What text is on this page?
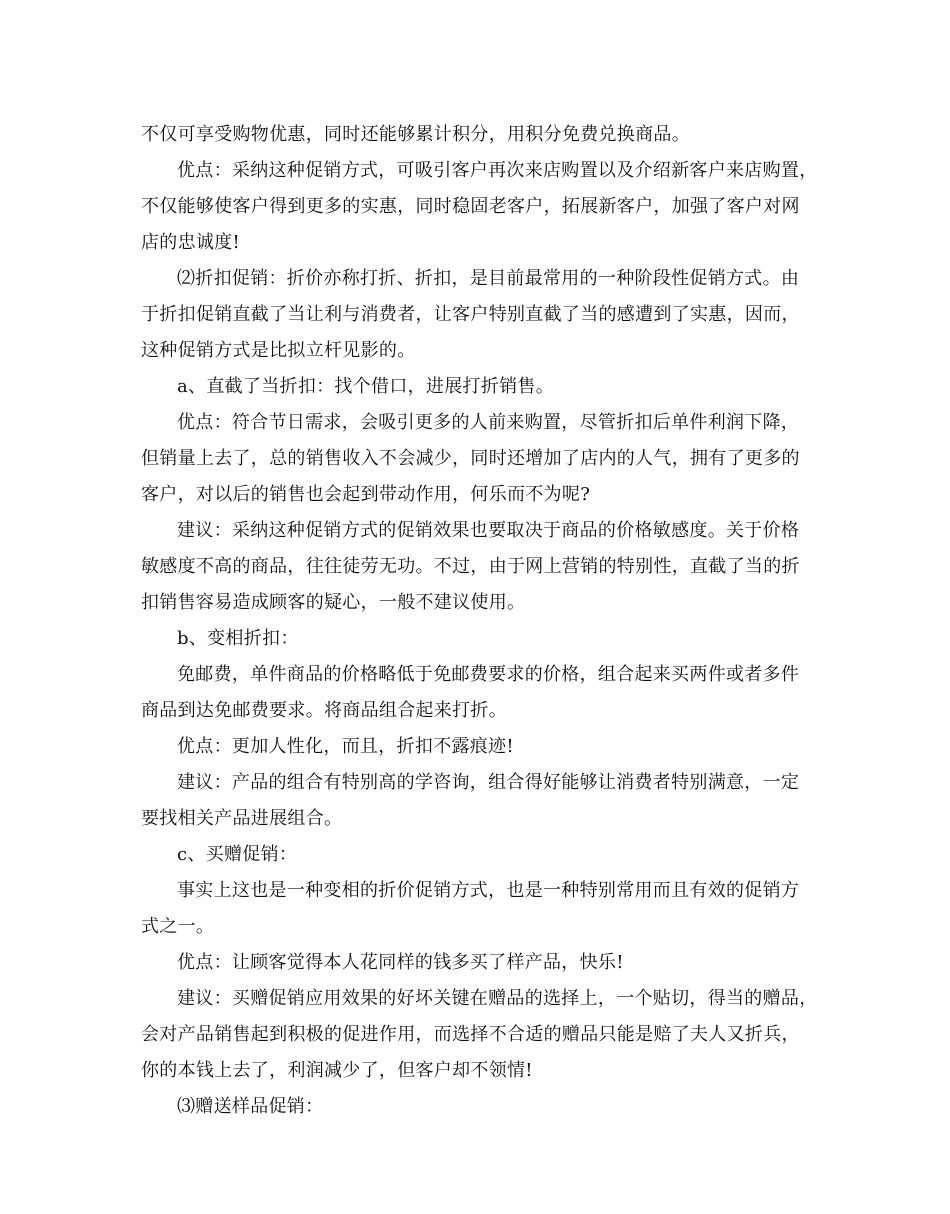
不仅可享受购物优惠，同时还能够累计积分，用积分免费兑换商品。
优点：采纳这种促销方式，可吸引客户再次来店购置以及介绍新客户来店购置，
不仅能够使客户得到更多的实惠，同时稳固老客户，拓展新客户，加强了客户对网
店的忠诚度!
⑵折扣促销：折价亦称打折、折扣，是目前最常用的一种阶段性促销方式。由
于折扣促销直截了当让利与消费者，让客户特别直截了当的感遭到了实惠，因而，
这种促销方式是比拟立杆见影的。
a、直截了当折扣：找个借口，进展打折销售。
优点：符合节日需求，会吸引更多的人前来购置，尽管折扣后单件利润下降，
但销量上去了，总的销售收入不会减少，同时还增加了店内的人气，拥有了更多的
客户，对以后的销售也会起到带动作用，何乐而不为呢?
建议：采纳这种促销方式的促销效果也要取决于商品的价格敏感度。关于价格
敏感度不高的商品，往往徒劳无功。不过，由于网上营销的特别性，直截了当的折
扣销售容易造成顾客的疑心，一般不建议使用。
b、变相折扣：
免邮费，单件商品的价格略低于免邮费要求的价格，组合起来买两件或者多件
商品到达免邮费要求。将商品组合起来打折。
优点：更加人性化，而且，折扣不露痕迹!
建议：产品的组合有特别高的学咨询，组合得好能够让消费者特别满意，一定
要找相关产品进展组合。
c、买赠促销：
事实上这也是一种变相的折价促销方式，也是一种特别常用而且有效的促销方
式之一。
优点：让顾客觉得本人花同样的钱多买了样产品，快乐!
建议：买赠促销应用效果的好坏关键在赠品的选择上，一个贴切，得当的赠品，
会对产品销售起到积极的促进作用，而选择不合适的赠品只能是赔了夫人又折兵，
你的本钱上去了，利润减少了，但客户却不领情!
⑶赠送样品促销：
